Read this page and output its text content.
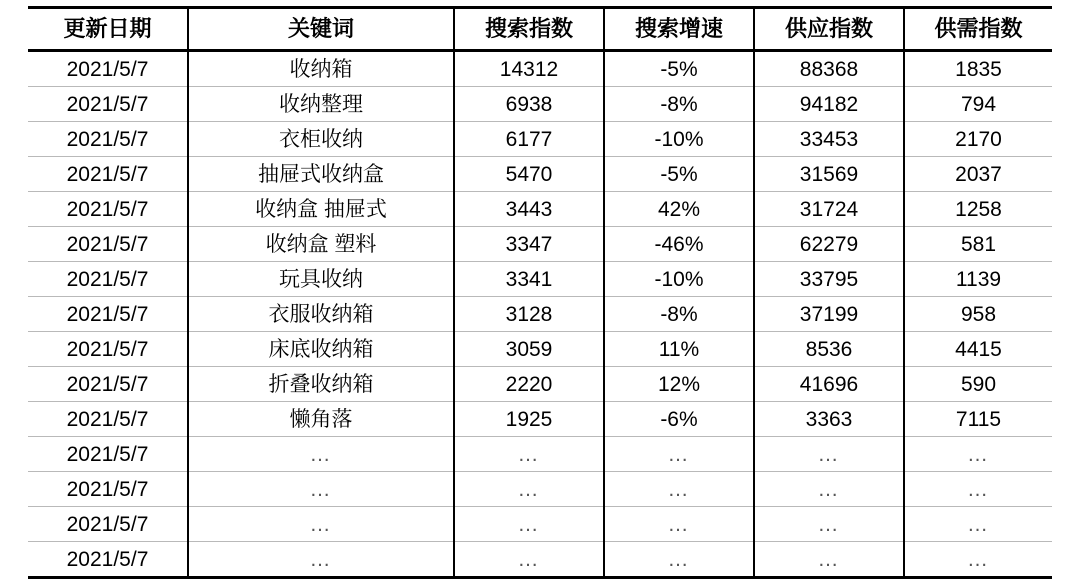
更新日期	关键词	搜索指数	搜索增速	供应指数	供需指数
2021/5/7	收纳箱	14312	-5%	88368	1835
2021/5/7	收纳整理	6938	-8%	94182	794
2021/5/7	衣柜收纳	6177	-10%	33453	2170
2021/5/7	抽屉式收纳盒	5470	-5%	31569	2037
2021/5/7	收纳盒 抽屉式	3443	42%	31724	1258
2021/5/7	收纳盒 塑料	3347	-46%	62279	581
2021/5/7	玩具收纳	3341	-10%	33795	1139
2021/5/7	衣服收纳箱	3128	-8%	37199	958
2021/5/7	床底收纳箱	3059	11%	8536	4415
2021/5/7	折叠收纳箱	2220	12%	41696	590
2021/5/7	懒角落	1925	-6%	3363	7115
2021/5/7	…	…	…	…	…
2021/5/7	…	…	…	…	…
2021/5/7	…	…	…	…	…
2021/5/7	…	…	…	…	…
